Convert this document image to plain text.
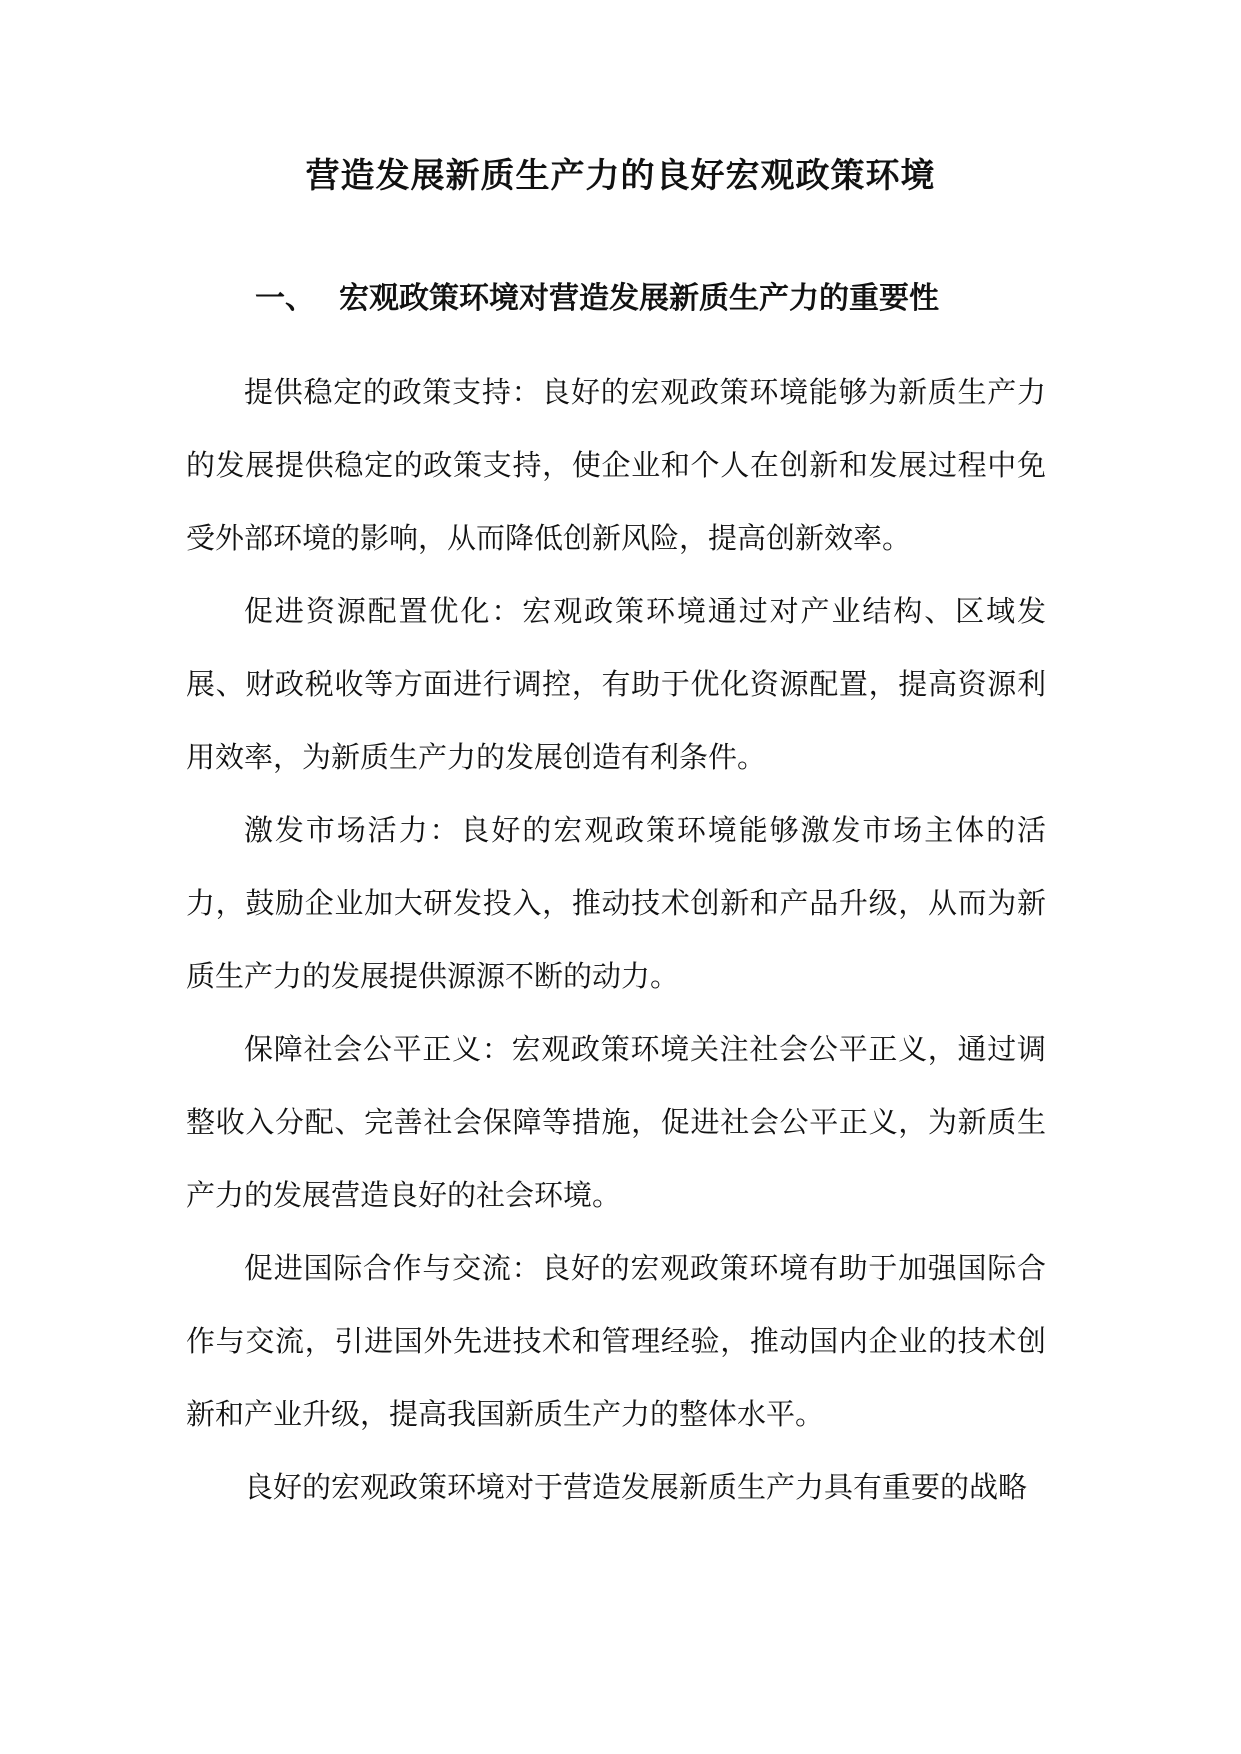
营造发展新质生产力的良好宏观政策环境
一、 宏观政策环境对营造发展新质生产力的重要性

提供稳定的政策支持：良好的宏观政策环境能够为新质生产力的发展提供稳定的政策支持，使企业和个人在创新和发展过程中免受外部环境的影响，从而降低创新风险，提高创新效率。

促进资源配置优化：宏观政策环境通过对产业结构、区域发展、财政税收等方面进行调控，有助于优化资源配置，提高资源利用效率，为新质生产力的发展创造有利条件。

激发市场活力：良好的宏观政策环境能够激发市场主体的活力，鼓励企业加大研发投入，推动技术创新和产品升级，从而为新质生产力的发展提供源源不断的动力。

保障社会公平正义：宏观政策环境关注社会公平正义，通过调整收入分配、完善社会保障等措施，促进社会公平正义，为新质生产力的发展营造良好的社会环境。

促进国际合作与交流：良好的宏观政策环境有助于加强国际合作与交流，引进国外先进技术和管理经验，推动国内企业的技术创新和产业升级，提高我国新质生产力的整体水平。

良好的宏观政策环境对于营造发展新质生产力具有重要的战略
